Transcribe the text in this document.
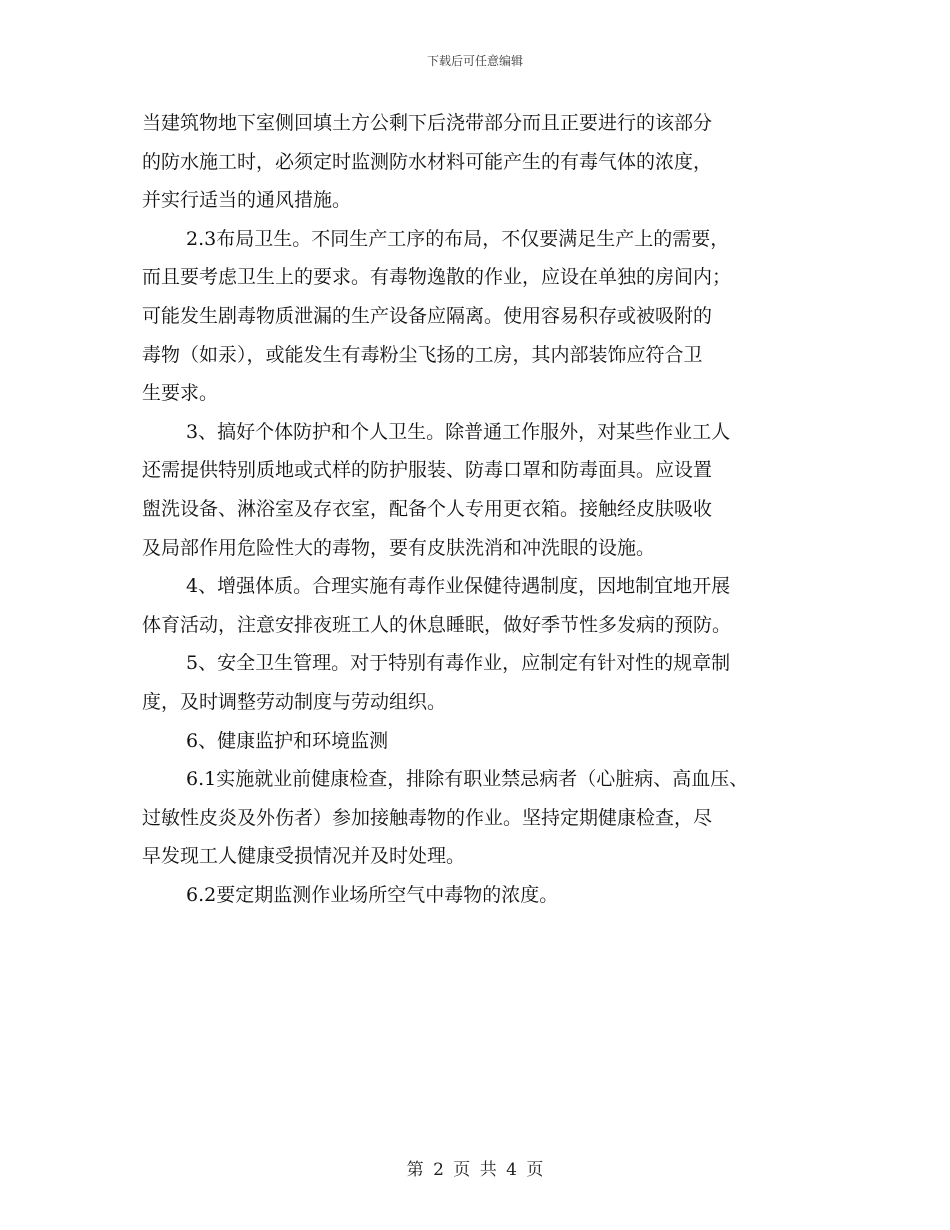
下载后可任意编辑
当建筑物地下室侧回填土方公剩下后浇带部分而且正要进行的该部分
的防水施工时，必须定时监测防水材料可能产生的有毒气体的浓度，
并实行适当的通风措施。
2.3布局卫生。不同生产工序的布局，不仅要满足生产上的需要，
而且要考虑卫生上的要求。有毒物逸散的作业，应设在单独的房间内；
可能发生剧毒物质泄漏的生产设备应隔离。使用容易积存或被吸附的
毒物（如汞），或能发生有毒粉尘飞扬的工房，其内部装饰应符合卫
生要求。
3、搞好个体防护和个人卫生。除普通工作服外，对某些作业工人
还需提供特别质地或式样的防护服装、防毒口罩和防毒面具。应设置
盥洗设备、淋浴室及存衣室，配备个人专用更衣箱。接触经皮肤吸收
及局部作用危险性大的毒物，要有皮肤洗消和冲洗眼的设施。
4、增强体质。合理实施有毒作业保健待遇制度，因地制宜地开展
体育活动，注意安排夜班工人的休息睡眠，做好季节性多发病的预防。
5、安全卫生管理。对于特别有毒作业，应制定有针对性的规章制
度，及时调整劳动制度与劳动组织。
6、健康监护和环境监测
6.1实施就业前健康检查，排除有职业禁忌病者（心脏病、高血压、
过敏性皮炎及外伤者）参加接触毒物的作业。坚持定期健康检查，尽
早发现工人健康受损情况并及时处理。
6.2要定期监测作业场所空气中毒物的浓度。
第 2 页 共 4 页
